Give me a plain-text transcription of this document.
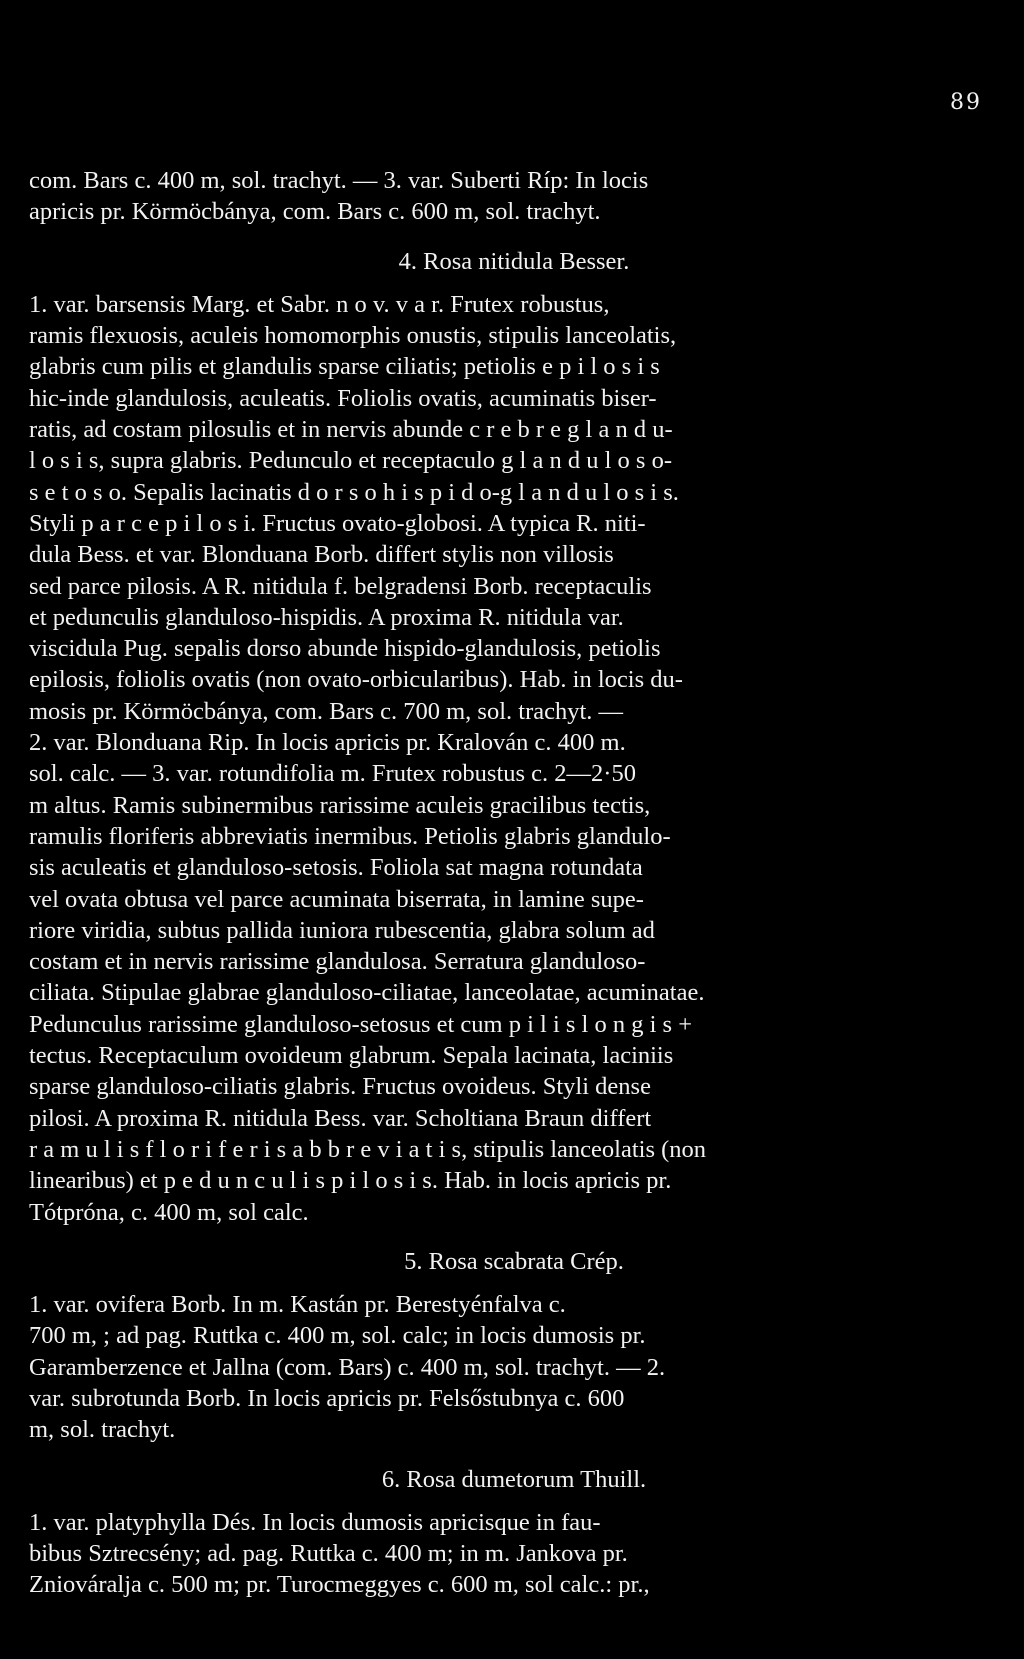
89
com. Bars c. 400 m, sol. trachyt. — 3. var. Suberti Ríp: In locis
apricis pr. Körmöcbánya, com. Bars c. 600 m, sol. trachyt.
4. Rosa nitidula Besser.
1. var. barsensis Marg. et Sabr. n o v. v a r. Frutex robustus,
ramis flexuosis, aculeis homomorphis onustis, stipulis lanceolatis,
glabris cum pilis et glandulis sparse ciliatis; petiolis e p i l o s i s
hic-inde glandulosis, aculeatis. Foliolis ovatis, acuminatis biser-
ratis, ad costam pilosulis et in nervis abunde c r e b r e g l a n d u-
l o s i s, supra glabris. Pedunculo et receptaculo g l a n d u l o s o-
s e t o s o. Sepalis lacinatis d o r s o h i s p i d o-g l a n d u l o s i s.
Styli p a r c e p i l o s i. Fructus ovato-globosi. A typica R. niti-
dula Bess. et var. Blonduana Borb. differt stylis non villosis
sed parce pilosis. A R. nitidula f. belgradensi Borb. receptaculis
et pedunculis glanduloso-hispidis. A proxima R. nitidula var.
viscidula Pug. sepalis dorso abunde hispido-glandulosis, petiolis
epilosis, foliolis ovatis (non ovato-orbicularibus). Hab. in locis du-
mosis pr. Körmöcbánya, com. Bars c. 700 m, sol. trachyt. —
2. var. Blonduana Rip. In locis apricis pr. Kralován c. 400 m.
sol. calc. — 3. var. rotundifolia m. Frutex robustus c. 2—2·50
m altus. Ramis subinermibus rarissime aculeis gracilibus tectis,
ramulis floriferis abbreviatis inermibus. Petiolis glabris glandulo-
sis aculeatis et glanduloso-setosis. Foliola sat magna rotundata
vel ovata obtusa vel parce acuminata biserrata, in lamine supe-
riore viridia, subtus pallida iuniora rubescentia, glabra solum ad
costam et in nervis rarissime glandulosa. Serratura glanduloso-
ciliata. Stipulae glabrae glanduloso-ciliatae, lanceolatae, acuminatae.
Pedunculus rarissime glanduloso-setosus et cum p i l i s l o n g i s +
tectus. Receptaculum ovoideum glabrum. Sepala lacinata, laciniis
sparse glanduloso-ciliatis glabris. Fructus ovoideus. Styli dense
pilosi. A proxima R. nitidula Bess. var. Scholtiana Braun differt
r a m u l i s f l o r i f e r i s a b b r e v i a t i s, stipulis lanceolatis (non
linearibus) et p e d u n c u l i s p i l o s i s. Hab. in locis apricis pr.
Tótpróna, c. 400 m, sol calc.
5. Rosa scabrata Crép.
1. var. ovifera Borb. In m. Kastán pr. Berestyénfalva c.
700 m, ; ad pag. Ruttka c. 400 m, sol. calc; in locis dumosis pr.
Garamberzence et Jallna (com. Bars) c. 400 m, sol. trachyt. — 2.
var. subrotunda Borb. In locis apricis pr. Felsőstubnya c. 600
m, sol. trachyt.
6. Rosa dumetorum Thuill.
1. var. platyphylla Dés. In locis dumosis apricisque in fau-
bibus Sztrecsény; ad. pag. Ruttka c. 400 m; in m. Jankova pr.
Zniováralja c. 500 m; pr. Turocmeggyes c. 600 m, sol calc.: pr.,
